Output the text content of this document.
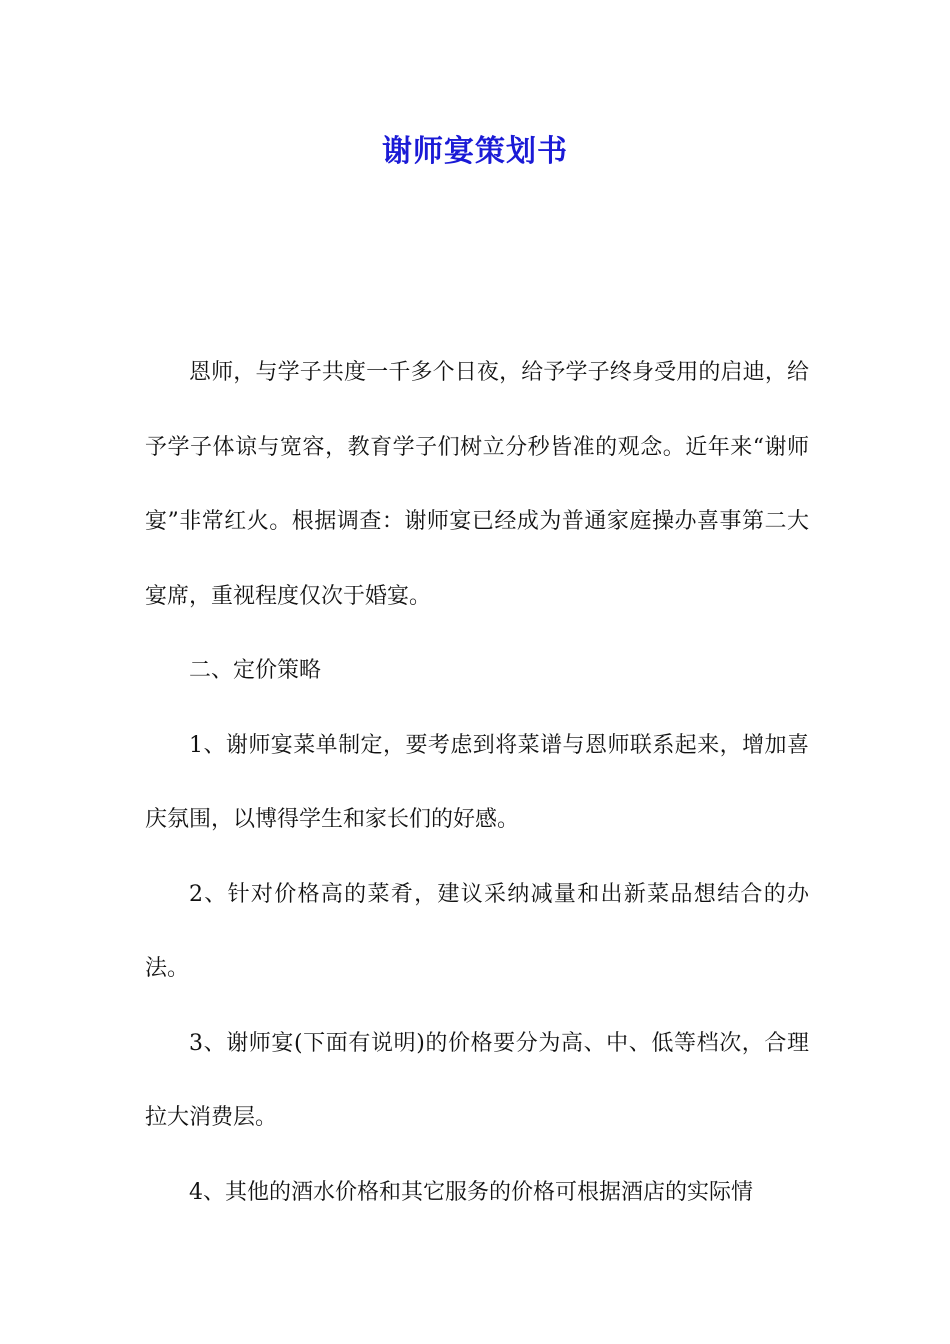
谢师宴策划书

恩师，与学子共度一千多个日夜，给予学子终身受用的启迪，给予学子体谅与宽容，教育学子们树立分秒皆准的观念。近年来“谢师宴”非常红火。根据调查：谢师宴已经成为普通家庭操办喜事第二大宴席，重视程度仅次于婚宴。

二、定价策略

1、谢师宴菜单制定，要考虑到将菜谱与恩师联系起来，增加喜庆氛围，以博得学生和家长们的好感。

2、针对价格高的菜肴，建议采纳减量和出新菜品想结合的办法。

3、谢师宴(下面有说明)的价格要分为高、中、低等档次，合理拉大消费层。

4、其他的酒水价格和其它服务的价格可根据酒店的实际情
